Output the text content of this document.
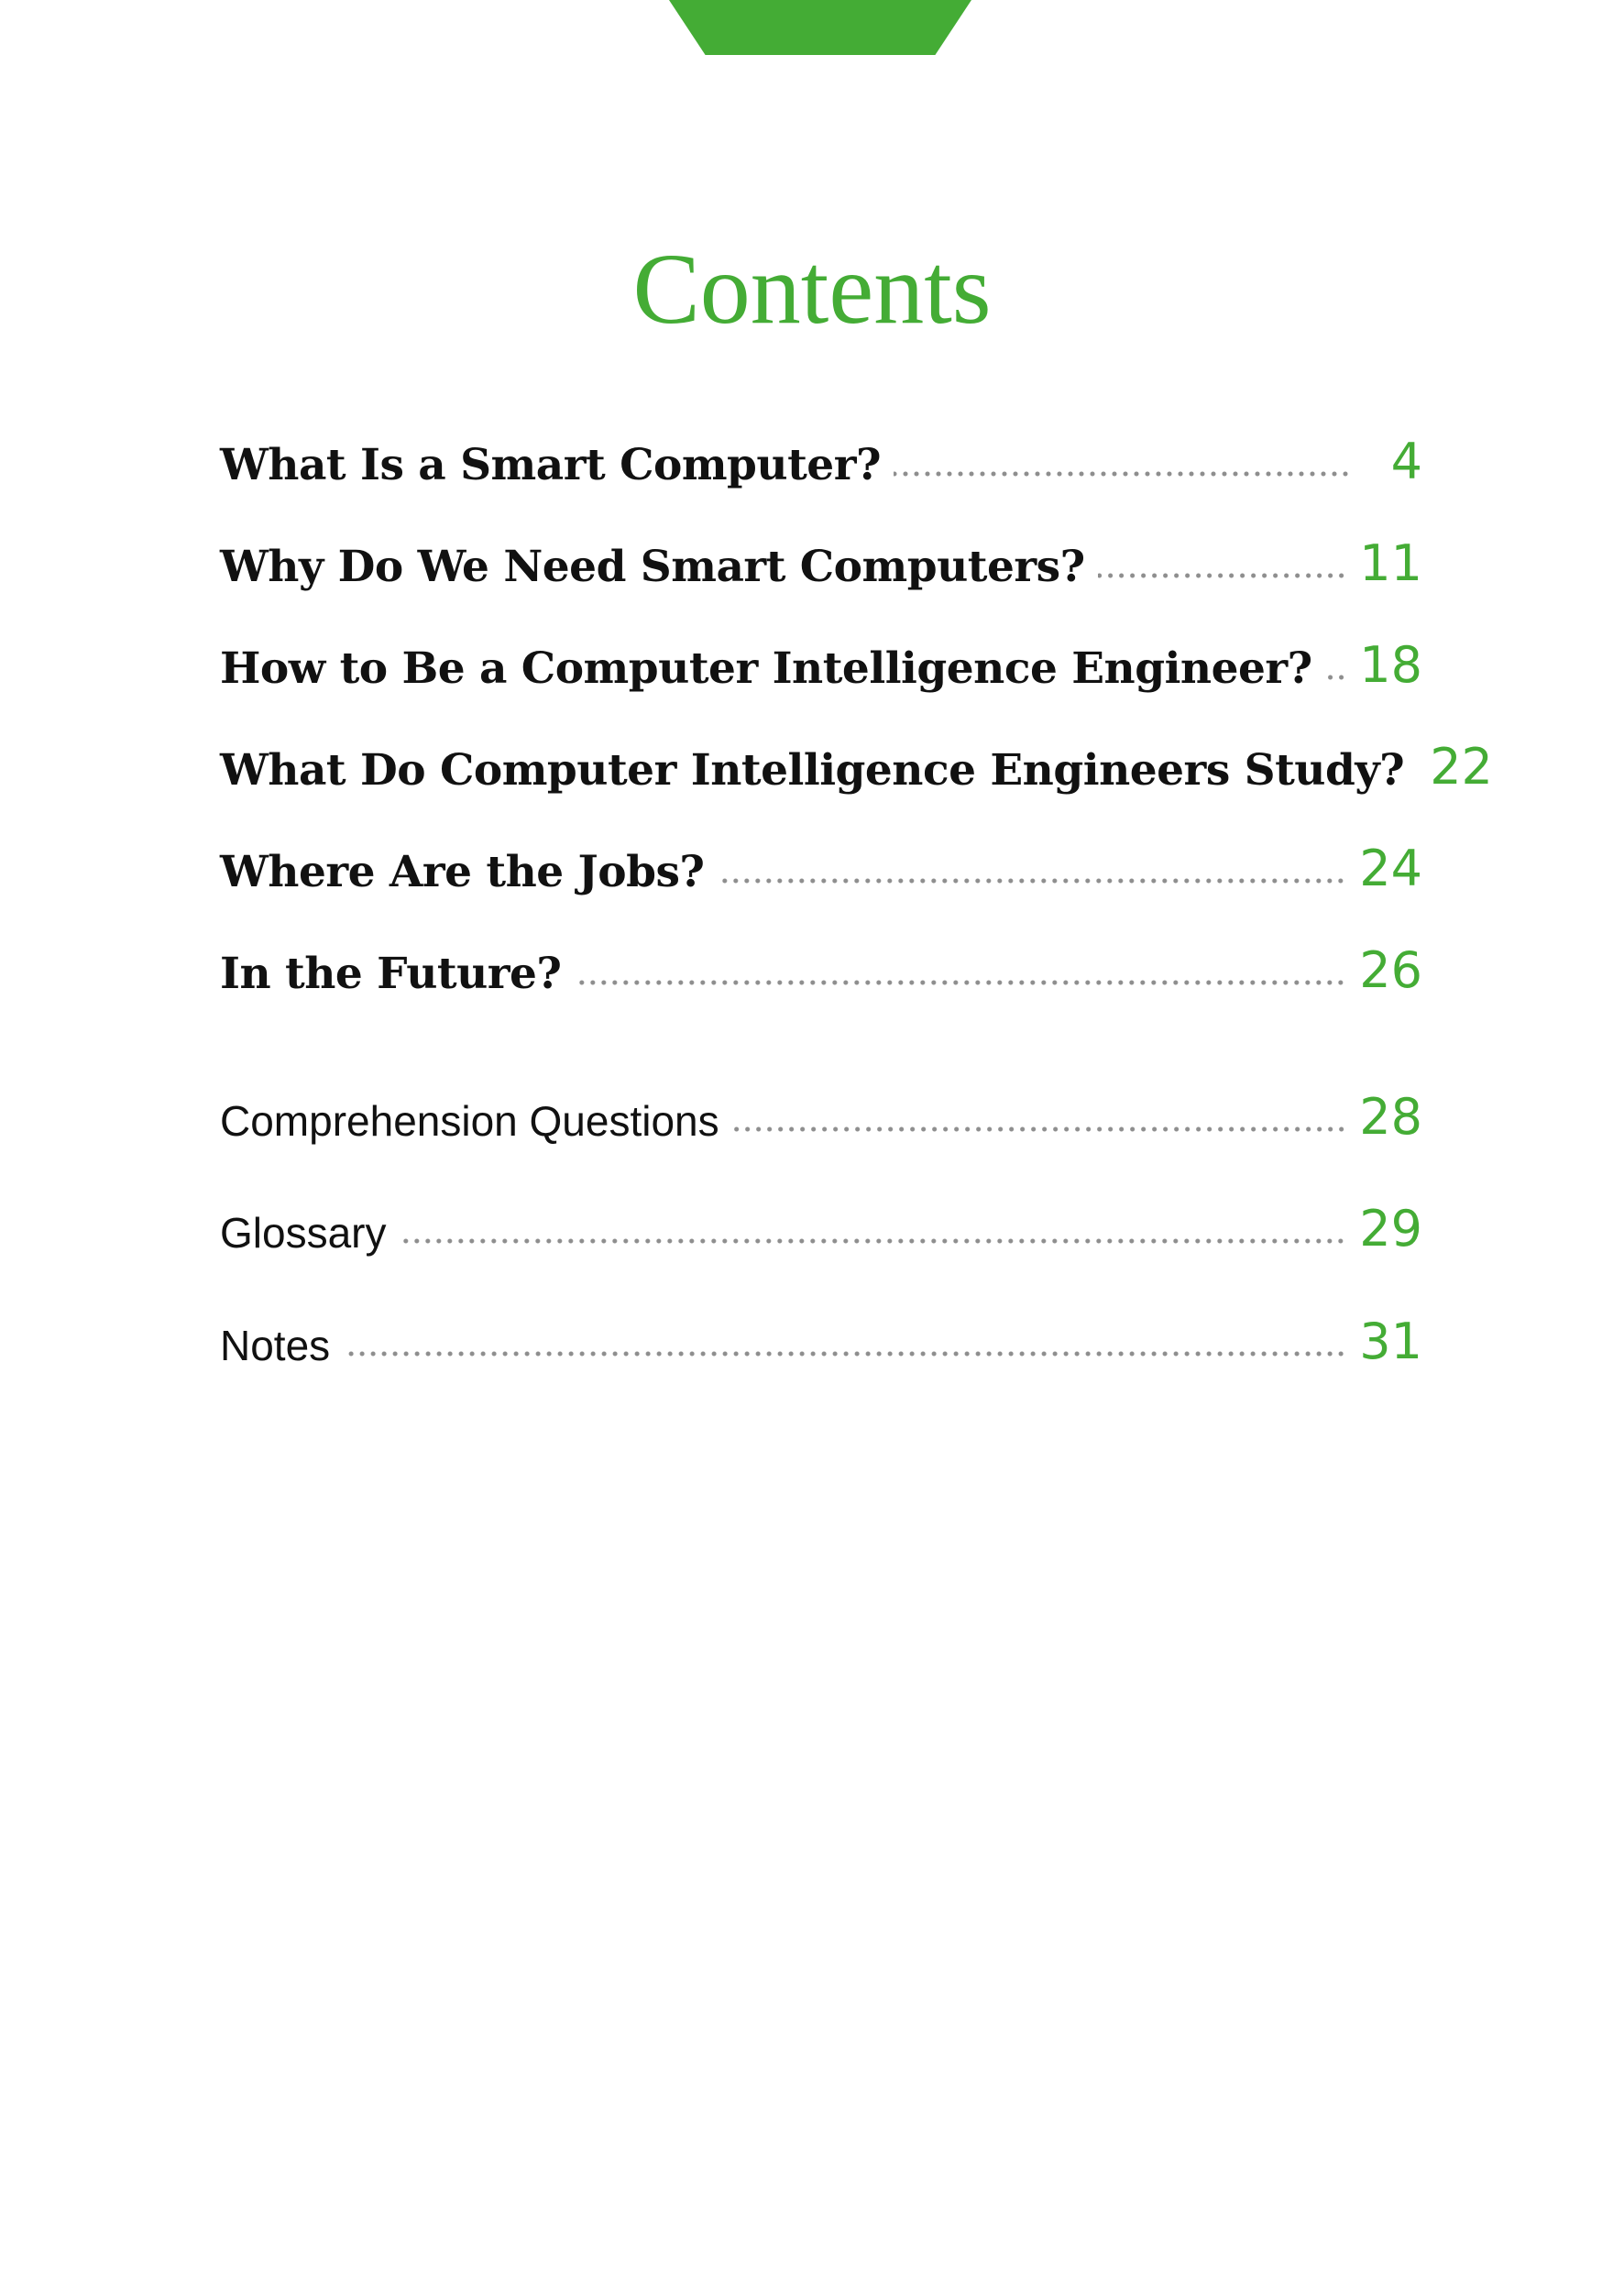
Contents
What Is a Smart Computer?	4
Why Do We Need Smart Computers?	11
How to Be a Computer Intelligence Engineer? 18
What Do Computer Intelligence Engineers Study? 22
Where Are the Jobs?	24
In the Future?	26
Comprehension Questions	28
Glossary	29
Notes	31
